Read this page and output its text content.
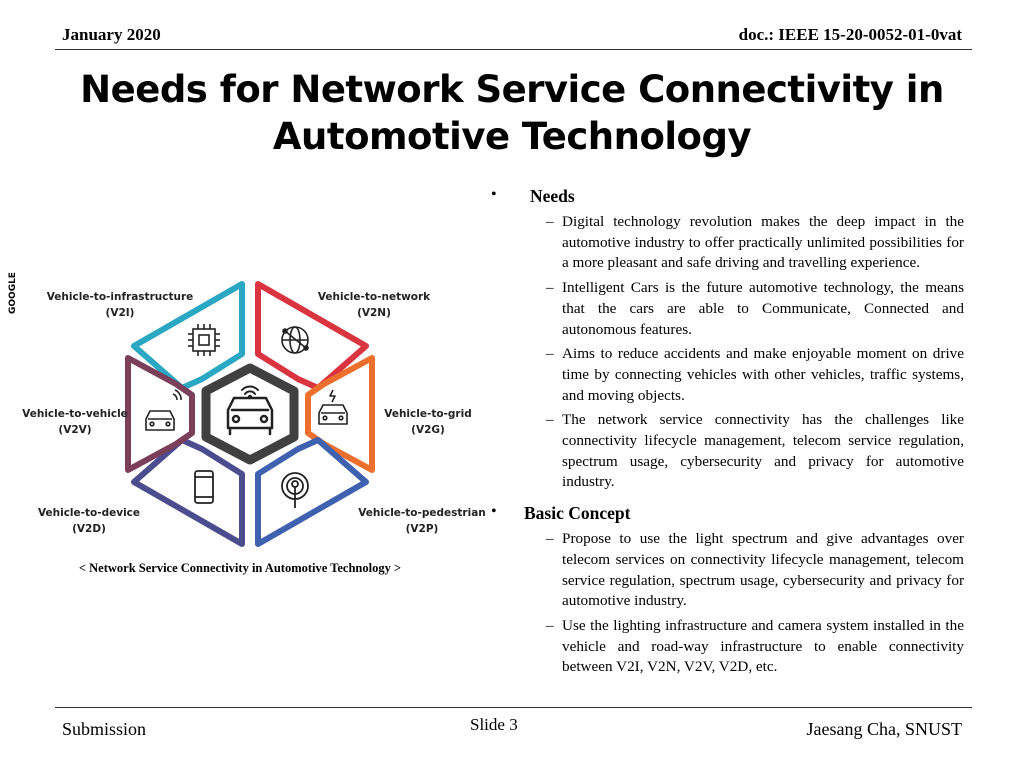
January 2020	doc.: IEEE 15-20-0052-01-0vat
Needs for Network Service Connectivity in
Automotive Technology
GOOGLE	Vehicle-to-infrastructure
(V2I)
Vehicle-to-network
(V2N)
Vehicle-to-vehicle
(V2V)
Vehicle-to-grid
(V2G)
Vehicle-to-device
(V2D)
Vehicle-to-pedestrian
(V2P)
< Network Service Connectivity in Automotive Technology >
• Needs
– Digital technology revolution makes the deep impact in the automotive industry to offer practically unlimited possibilities for a more pleasant and safe driving and travelling experience.
– Intelligent Cars is the future automotive technology, the means that the cars are able to Communicate, Connected and autonomous features.
– Aims to reduce accidents and make enjoyable moment on drive time by connecting vehicles with other vehicles, traffic systems, and moving objects.
– The network service connectivity has the challenges like connectivity lifecycle management, telecom service regulation, spectrum usage, cybersecurity and privacy for automotive industry.
• Basic Concept
– Propose to use the light spectrum and give advantages over telecom services on connectivity lifecycle management, telecom service regulation, spectrum usage, cybersecurity and privacy for automotive industry.
– Use the lighting infrastructure and camera system installed in the vehicle and road-way infrastructure to enable connectivity between V2I, V2N, V2V, V2D, etc.
Submission	Slide 3	Jaesang Cha, SNUST
